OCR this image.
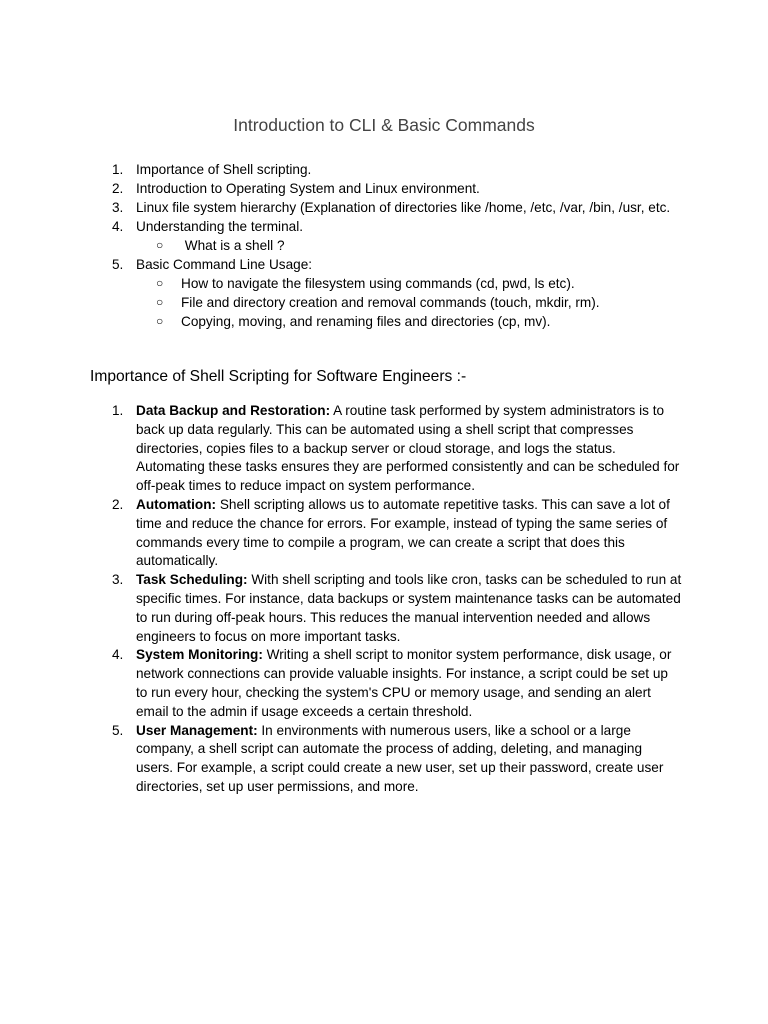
Introduction to CLI & Basic Commands
1. Importance of Shell scripting.
2. Introduction to Operating System and Linux environment.
3. Linux file system hierarchy (Explanation of directories like /home, /etc, /var, /bin, /usr, etc.
4. Understanding the terminal.
○ What is a shell ?
5. Basic Command Line Usage:
○ How to navigate the filesystem using commands (cd, pwd, ls etc).
○ File and directory creation and removal commands (touch, mkdir, rm).
○ Copying, moving, and renaming files and directories (cp, mv).
Importance of Shell Scripting for Software Engineers :-
1. Data Backup and Restoration: A routine task performed by system administrators is to back up data regularly. This can be automated using a shell script that compresses directories, copies files to a backup server or cloud storage, and logs the status. Automating these tasks ensures they are performed consistently and can be scheduled for off-peak times to reduce impact on system performance.
2. Automation: Shell scripting allows us to automate repetitive tasks. This can save a lot of time and reduce the chance for errors. For example, instead of typing the same series of commands every time to compile a program, we can create a script that does this automatically.
3. Task Scheduling: With shell scripting and tools like cron, tasks can be scheduled to run at specific times. For instance, data backups or system maintenance tasks can be automated to run during off-peak hours. This reduces the manual intervention needed and allows engineers to focus on more important tasks.
4. System Monitoring: Writing a shell script to monitor system performance, disk usage, or network connections can provide valuable insights. For instance, a script could be set up to run every hour, checking the system's CPU or memory usage, and sending an alert email to the admin if usage exceeds a certain threshold.
5. User Management: In environments with numerous users, like a school or a large company, a shell script can automate the process of adding, deleting, and managing users. For example, a script could create a new user, set up their password, create user directories, set up user permissions, and more.
